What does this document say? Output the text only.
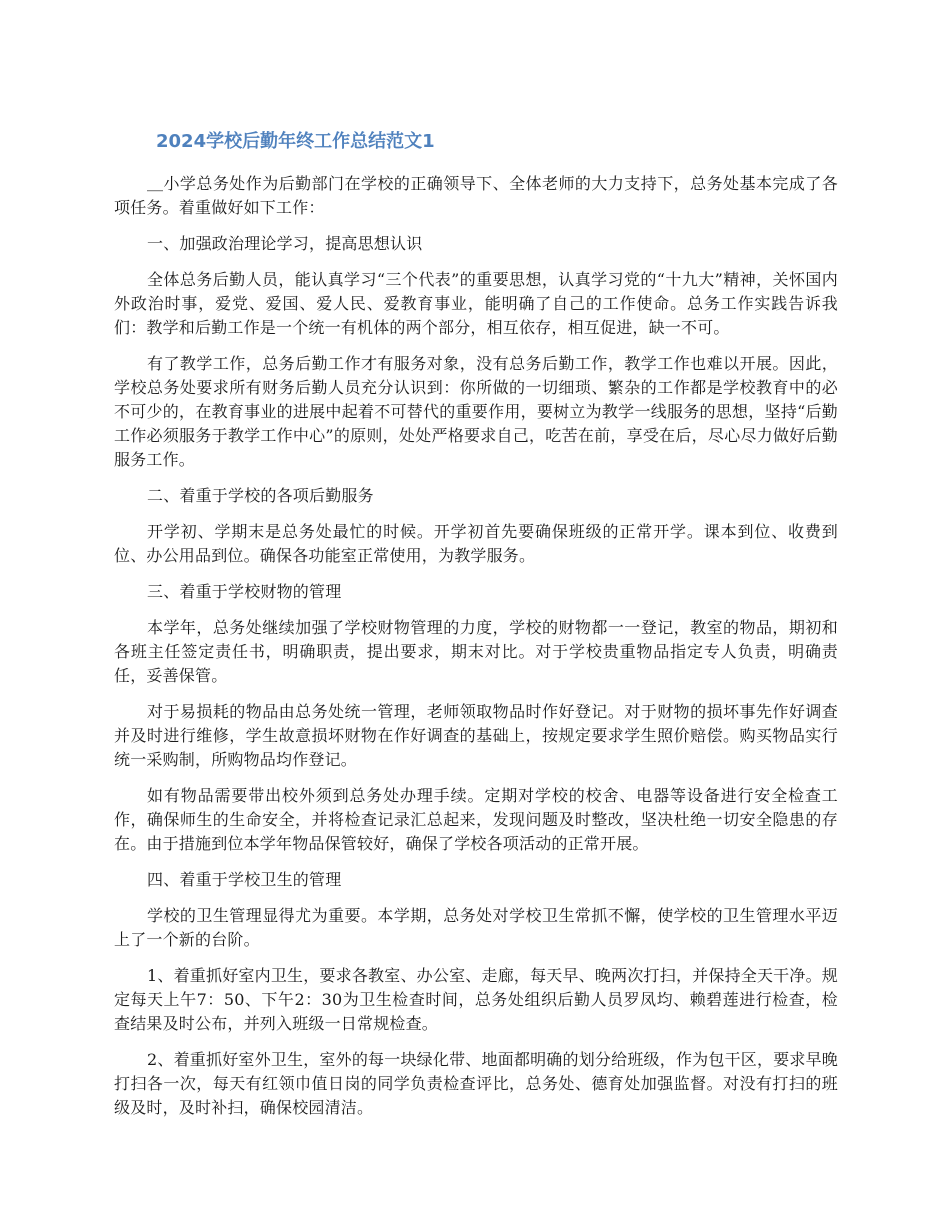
2024学校后勤年终工作总结范文1

＿小学总务处作为后勤部门在学校的正确领导下、全体老师的大力支持下，总务处基本完成了各项任务。着重做好如下工作：

一、加强政治理论学习，提高思想认识

全体总务后勤人员，能认真学习“三个代表”的重要思想，认真学习党的“十九大”精神，关怀国内外政治时事，爱党、爱国、爱人民、爱教育事业，能明确了自己的工作使命。总务工作实践告诉我们：教学和后勤工作是一个统一有机体的两个部分，相互依存，相互促进，缺一不可。

有了教学工作，总务后勤工作才有服务对象，没有总务后勤工作，教学工作也难以开展。因此，学校总务处要求所有财务后勤人员充分认识到：你所做的一切细琐、繁杂的工作都是学校教育中的必不可少的，在教育事业的进展中起着不可替代的重要作用，要树立为教学一线服务的思想，坚持“后勤工作必须服务于教学工作中心”的原则，处处严格要求自己，吃苦在前，享受在后，尽心尽力做好后勤服务工作。

二、着重于学校的各项后勤服务

开学初、学期末是总务处最忙的时候。开学初首先要确保班级的正常开学。课本到位、收费到位、办公用品到位。确保各功能室正常使用，为教学服务。

三、着重于学校财物的管理

本学年，总务处继续加强了学校财物管理的力度，学校的财物都一一登记，教室的物品，期初和各班主任签定责任书，明确职责，提出要求，期末对比。对于学校贵重物品指定专人负责，明确责任，妥善保管。

对于易损耗的物品由总务处统一管理，老师领取物品时作好登记。对于财物的损坏事先作好调查并及时进行维修，学生故意损坏财物在作好调查的基础上，按规定要求学生照价赔偿。购买物品实行统一采购制，所购物品均作登记。

如有物品需要带出校外须到总务处办理手续。定期对学校的校舍、电器等设备进行安全检查工作，确保师生的生命安全，并将检查记录汇总起来，发现问题及时整改，坚决杜绝一切安全隐患的存在。由于措施到位本学年物品保管较好，确保了学校各项活动的正常开展。

四、着重于学校卫生的管理

学校的卫生管理显得尤为重要。本学期，总务处对学校卫生常抓不懈，使学校的卫生管理水平迈上了一个新的台阶。

1、着重抓好室内卫生，要求各教室、办公室、走廊，每天早、晚两次打扫，并保持全天干净。规定每天上午7：50、下午2：30为卫生检查时间，总务处组织后勤人员罗凤均、赖碧莲进行检查，检查结果及时公布，并列入班级一日常规检查。

2、着重抓好室外卫生，室外的每一块绿化带、地面都明确的划分给班级，作为包干区，要求早晚打扫各一次，每天有红领巾值日岗的同学负责检查评比，总务处、德育处加强监督。对没有打扫的班级及时，及时补扫，确保校园清洁。
